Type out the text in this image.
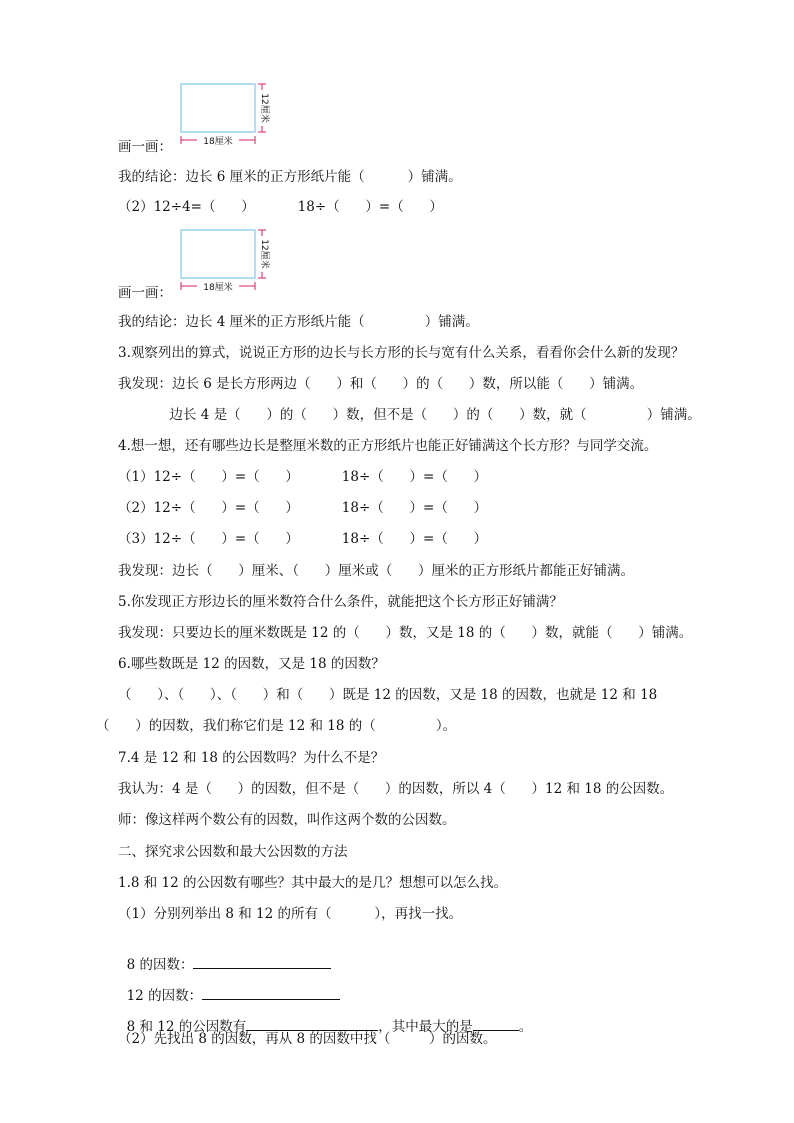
18厘米
12厘米
画一画：
我的结论：边长 6 厘米的正方形纸片能（          ）铺满。
（2）12÷4=（      ）          18÷（      ）=（      ）
18厘米
12厘米
画一画：
我的结论：边长 4 厘米的正方形纸片能（              ）铺满。
3.观察列出的算式，说说正方形的边长与长方形的长与宽有什么关系，看看你会什么新的发现？
我发现：边长 6 是长方形两边（      ）和（      ）的（      ）数，所以能（      ）铺满。
边长 4 是（      ）的（      ）数，但不是（      ）的（      ）数，就（              ）铺满。
4.想一想，还有哪些边长是整厘米数的正方形纸片也能正好铺满这个长方形？与同学交流。
（1）12÷（      ）=（      ）          18÷（      ）=（      ）
（2）12÷（      ）=（      ）          18÷（      ）=（      ）
（3）12÷（      ）=（      ）          18÷（      ）=（      ）
我发现：边长（      ）厘米、（      ）厘米或（      ）厘米的正方形纸片都能正好铺满。
5.你发现正方形边长的厘米数符合什么条件，就能把这个长方形正好铺满？
我发现：只要边长的厘米数既是 12 的（      ）数，又是 18 的（      ）数，就能（      ）铺满。
6.哪些数既是 12 的因数，又是 18 的因数？
（      ）、（      ）、（      ）和（      ）既是 12 的因数，又是 18 的因数，也就是 12 和 18
（      ）的因数，我们称它们是 12 和 18 的（              ）。
7.4 是 12 和 18 的公因数吗？为什么不是？
我认为：4 是（      ）的因数，但不是（      ）的因数，所以 4（      ）12 和 18 的公因数。
师：像这样两个数公有的因数，叫作这两个数的公因数。
二、探究求公因数和最大公因数的方法
1.8 和 12 的公因数有哪些？其中最大的是几？想想可以怎么找。
（1）分别列举出 8 和 12 的所有（          ），再找一找。

8 的因数：

12 的因数：

8 和 12 的公因数有	，其中最大的是	。

（2）先找出 8 的因数，再从 8 的因数中找（         ）的因数。
